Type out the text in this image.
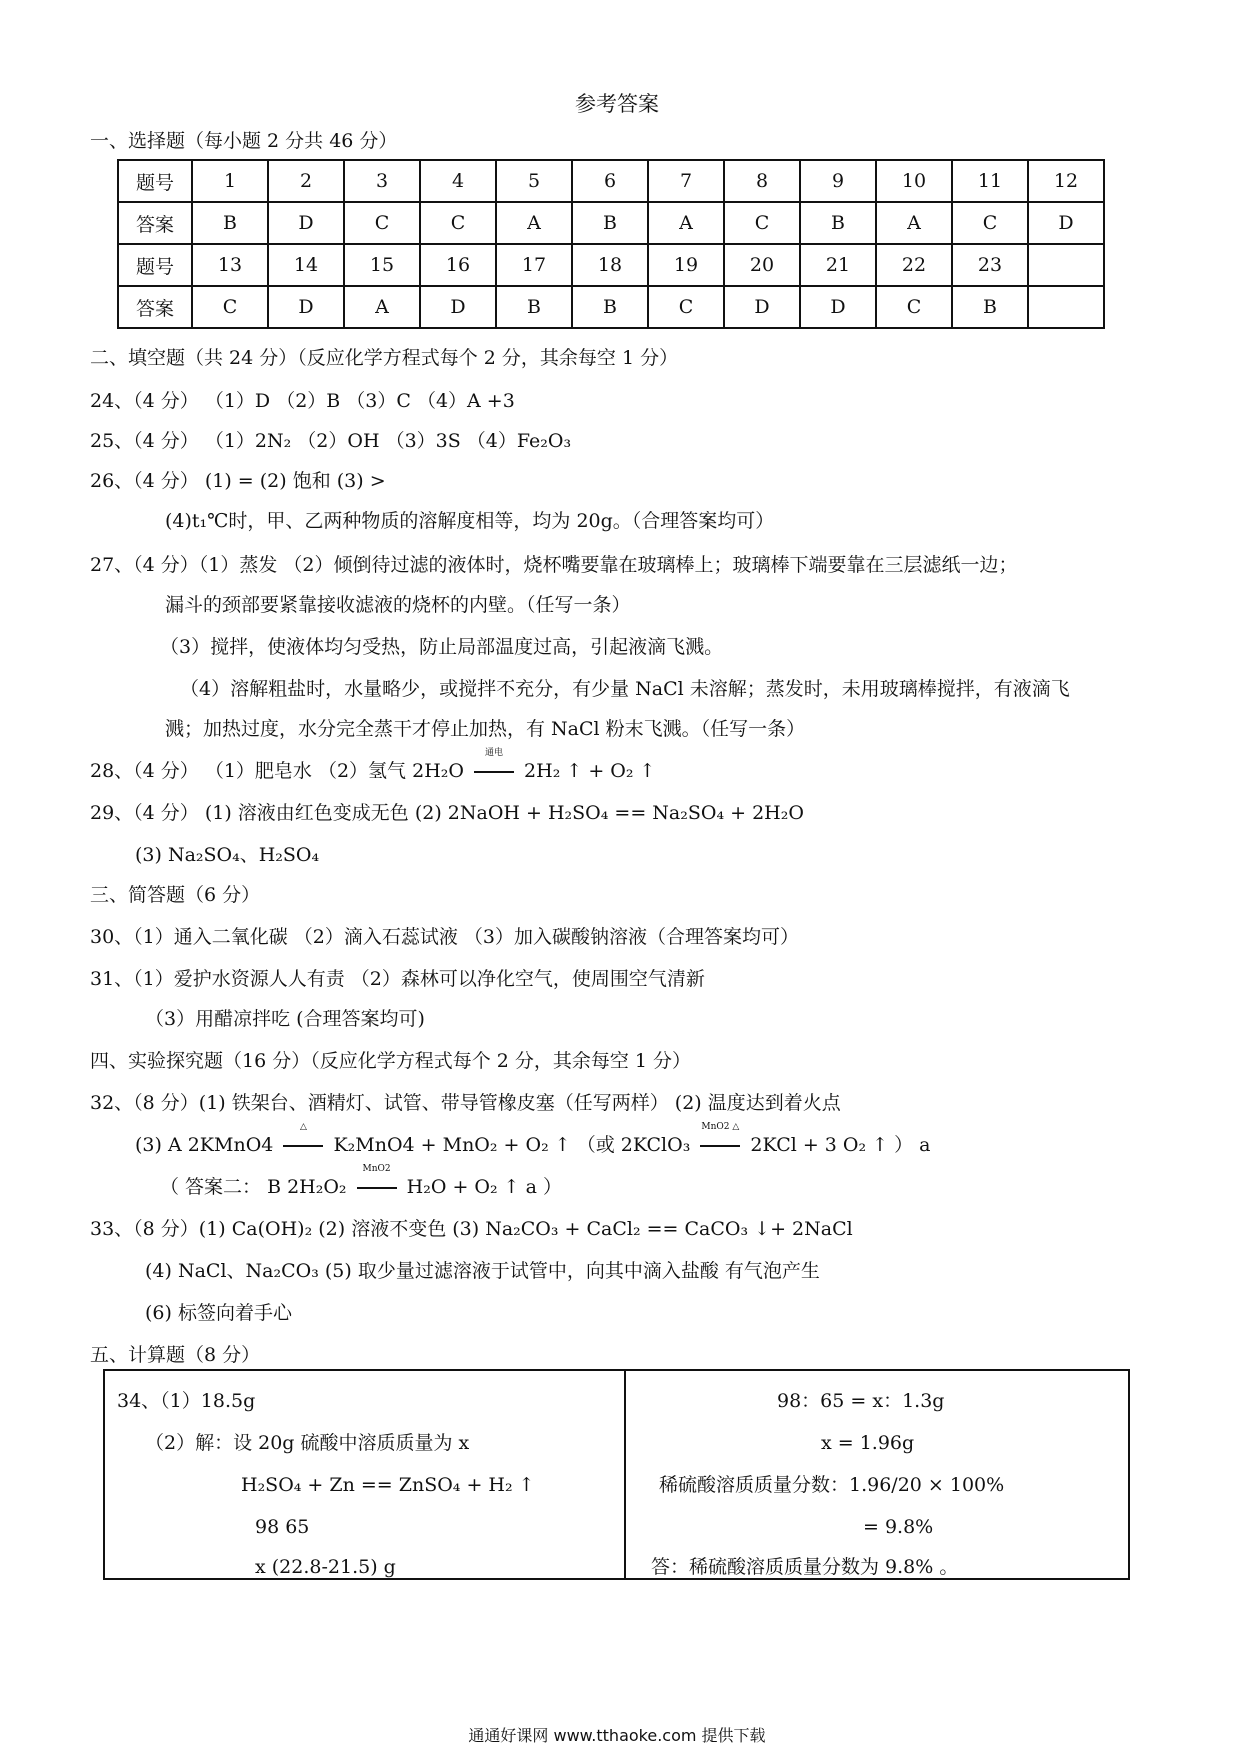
参考答案
一、选择题（每小题 2 分共 46 分）
题号	1	2	3	4	5	6	7	8	9	10	11	12
答案	B	D	C	C	A	B	A	C	B	A	C	D
题号	13	14	15	16	17	18	19	20	21	22	23	
答案	C	D	A	D	B	B	C	D	D	C	B	
二、填空题（共 24 分）（反应化学方程式每个 2 分，其余每空 1 分）
24、（4 分） （1）D （2）B （3）C （4）A +3
25、（4 分） （1）2N₂ （2）OH （3）3S （4）Fe₂O₃
26、（4 分） (1) = (2) 饱和 (3) >
(4)t₁℃时，甲、乙两种物质的溶解度相等，均为 20g。（合理答案均可）
27、（4 分）（1）蒸发 （2）倾倒待过滤的液体时，烧杯嘴要靠在玻璃棒上；玻璃棒下端要靠在三层滤纸一边；
漏斗的颈部要紧靠接收滤液的烧杯的内壁。（任写一条）
（3）搅拌，使液体均匀受热，防止局部温度过高，引起液滴飞溅。
（4）溶解粗盐时，水量略少，或搅拌不充分，有少量 NaCl 未溶解；蒸发时，未用玻璃棒搅拌，有液滴飞
溅；加热过度，水分完全蒸干才停止加热，有 NaCl 粉末飞溅。（任写一条）
28、（4 分） （1）肥皂水 （2）氢气 2H₂O
通电
2H₂ ↑ + O₂ ↑
29、（4 分） (1) 溶液由红色变成无色 (2) 2NaOH + H₂SO₄ == Na₂SO₄ + 2H₂O
(3) Na₂SO₄、H₂SO₄
三、简答题（6 分）
30、（1）通入二氧化碳 （2）滴入石蕊试液 （3）加入碳酸钠溶液（合理答案均可）
31、（1）爱护水资源人人有责 （2）森林可以净化空气，使周围空气清新
（3）用醋凉拌吃 (合理答案均可)
四、实验探究题（16 分）（反应化学方程式每个 2 分，其余每空 1 分）
32、（8 分）(1) 铁架台、酒精灯、试管、带导管橡皮塞（任写两样） (2) 温度达到着火点
(3) A 2KMnO4
△
K₂MnO4 + MnO₂ + O₂ ↑ （或 2KClO₃
MnO2 △
2KCl + 3 O₂ ↑ ） a
（ 答案二： B 2H₂O₂
MnO2
H₂O + O₂ ↑ a ）
33、（8 分）(1) Ca(OH)₂ (2) 溶液不变色 (3) Na₂CO₃ + CaCl₂ == CaCO₃ ↓+ 2NaCl
(4) NaCl、Na₂CO₃ (5) 取少量过滤溶液于试管中，向其中滴入盐酸 有气泡产生
(6) 标签向着手心
五、计算题（8 分）
34、（1）18.5g
（2）解：设 20g 硫酸中溶质质量为 x
H₂SO₄ + Zn == ZnSO₄ + H₂ ↑
98 65
x (22.8-21.5) g
98：65 = x：1.3g
x = 1.96g
稀硫酸溶质质量分数：1.96/20 × 100%
= 9.8%
答：稀硫酸溶质质量分数为 9.8% 。
通通好课网 www.tthaoke.com 提供下载
